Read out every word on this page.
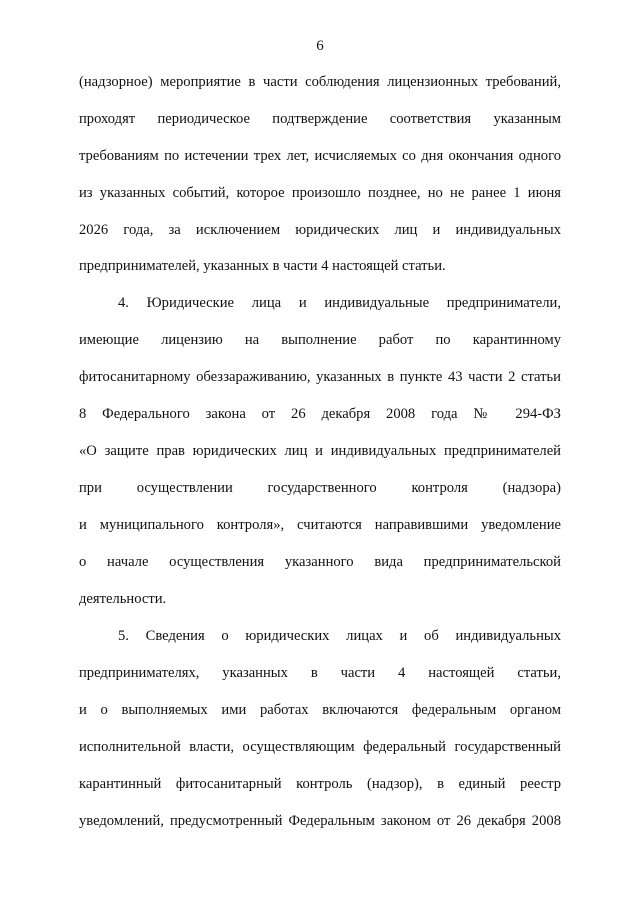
6
(надзорное) мероприятие в части соблюдения лицензионных требований,
проходят периодическое подтверждение соответствия указанным
требованиям по истечении трех лет, исчисляемых со дня окончания одного
из указанных событий, которое произошло позднее, но не ранее 1 июня
2026 года, за исключением юридических лиц и индивидуальных
предпринимателей, указанных в части 4 настоящей статьи.
4. Юридические лица и индивидуальные предприниматели,
имеющие лицензию на выполнение работ по карантинному
фитосанитарному обеззараживанию, указанных в пункте 43 части 2 статьи
8 Федерального закона от 26 декабря 2008 года № 294-ФЗ
«О защите прав юридических лиц и индивидуальных предпринимателей
при осуществлении государственного контроля (надзора)
и муниципального контроля», считаются направившими уведомление
о начале осуществления указанного вида предпринимательской
деятельности.
5. Сведения о юридических лицах и об индивидуальных
предпринимателях, указанных в части 4 настоящей статьи,
и о выполняемых ими работах включаются федеральным органом
исполнительной власти, осуществляющим федеральный государственный
карантинный фитосанитарный контроль (надзор), в единый реестр
уведомлений, предусмотренный Федеральным законом от 26 декабря 2008
